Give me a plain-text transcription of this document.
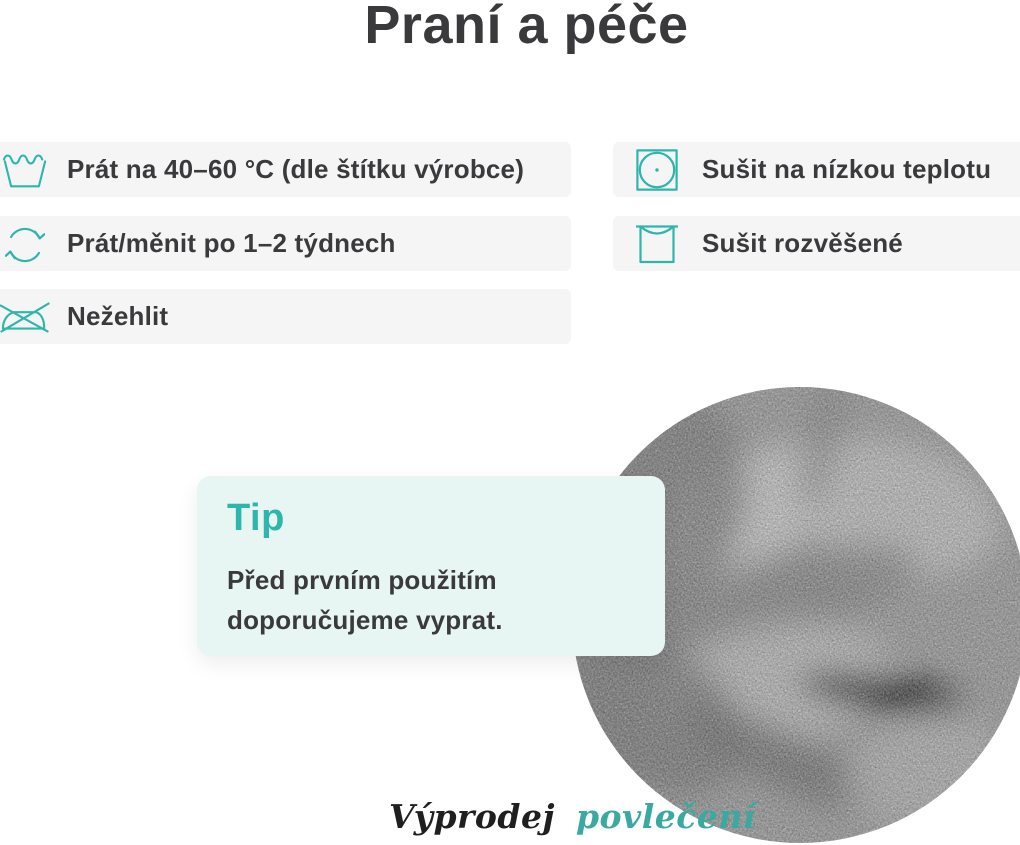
Praní a péče
Prát na 40–60 °C (dle štítku výrobce)
Prát/měnit po 1–2 týdnech
Nežehlit
Sušit na nízkou teplotu
Sušit rozvěšené
Tip

Před prvním použitím
doporučujeme vyprat.

Výprodej povlečení
